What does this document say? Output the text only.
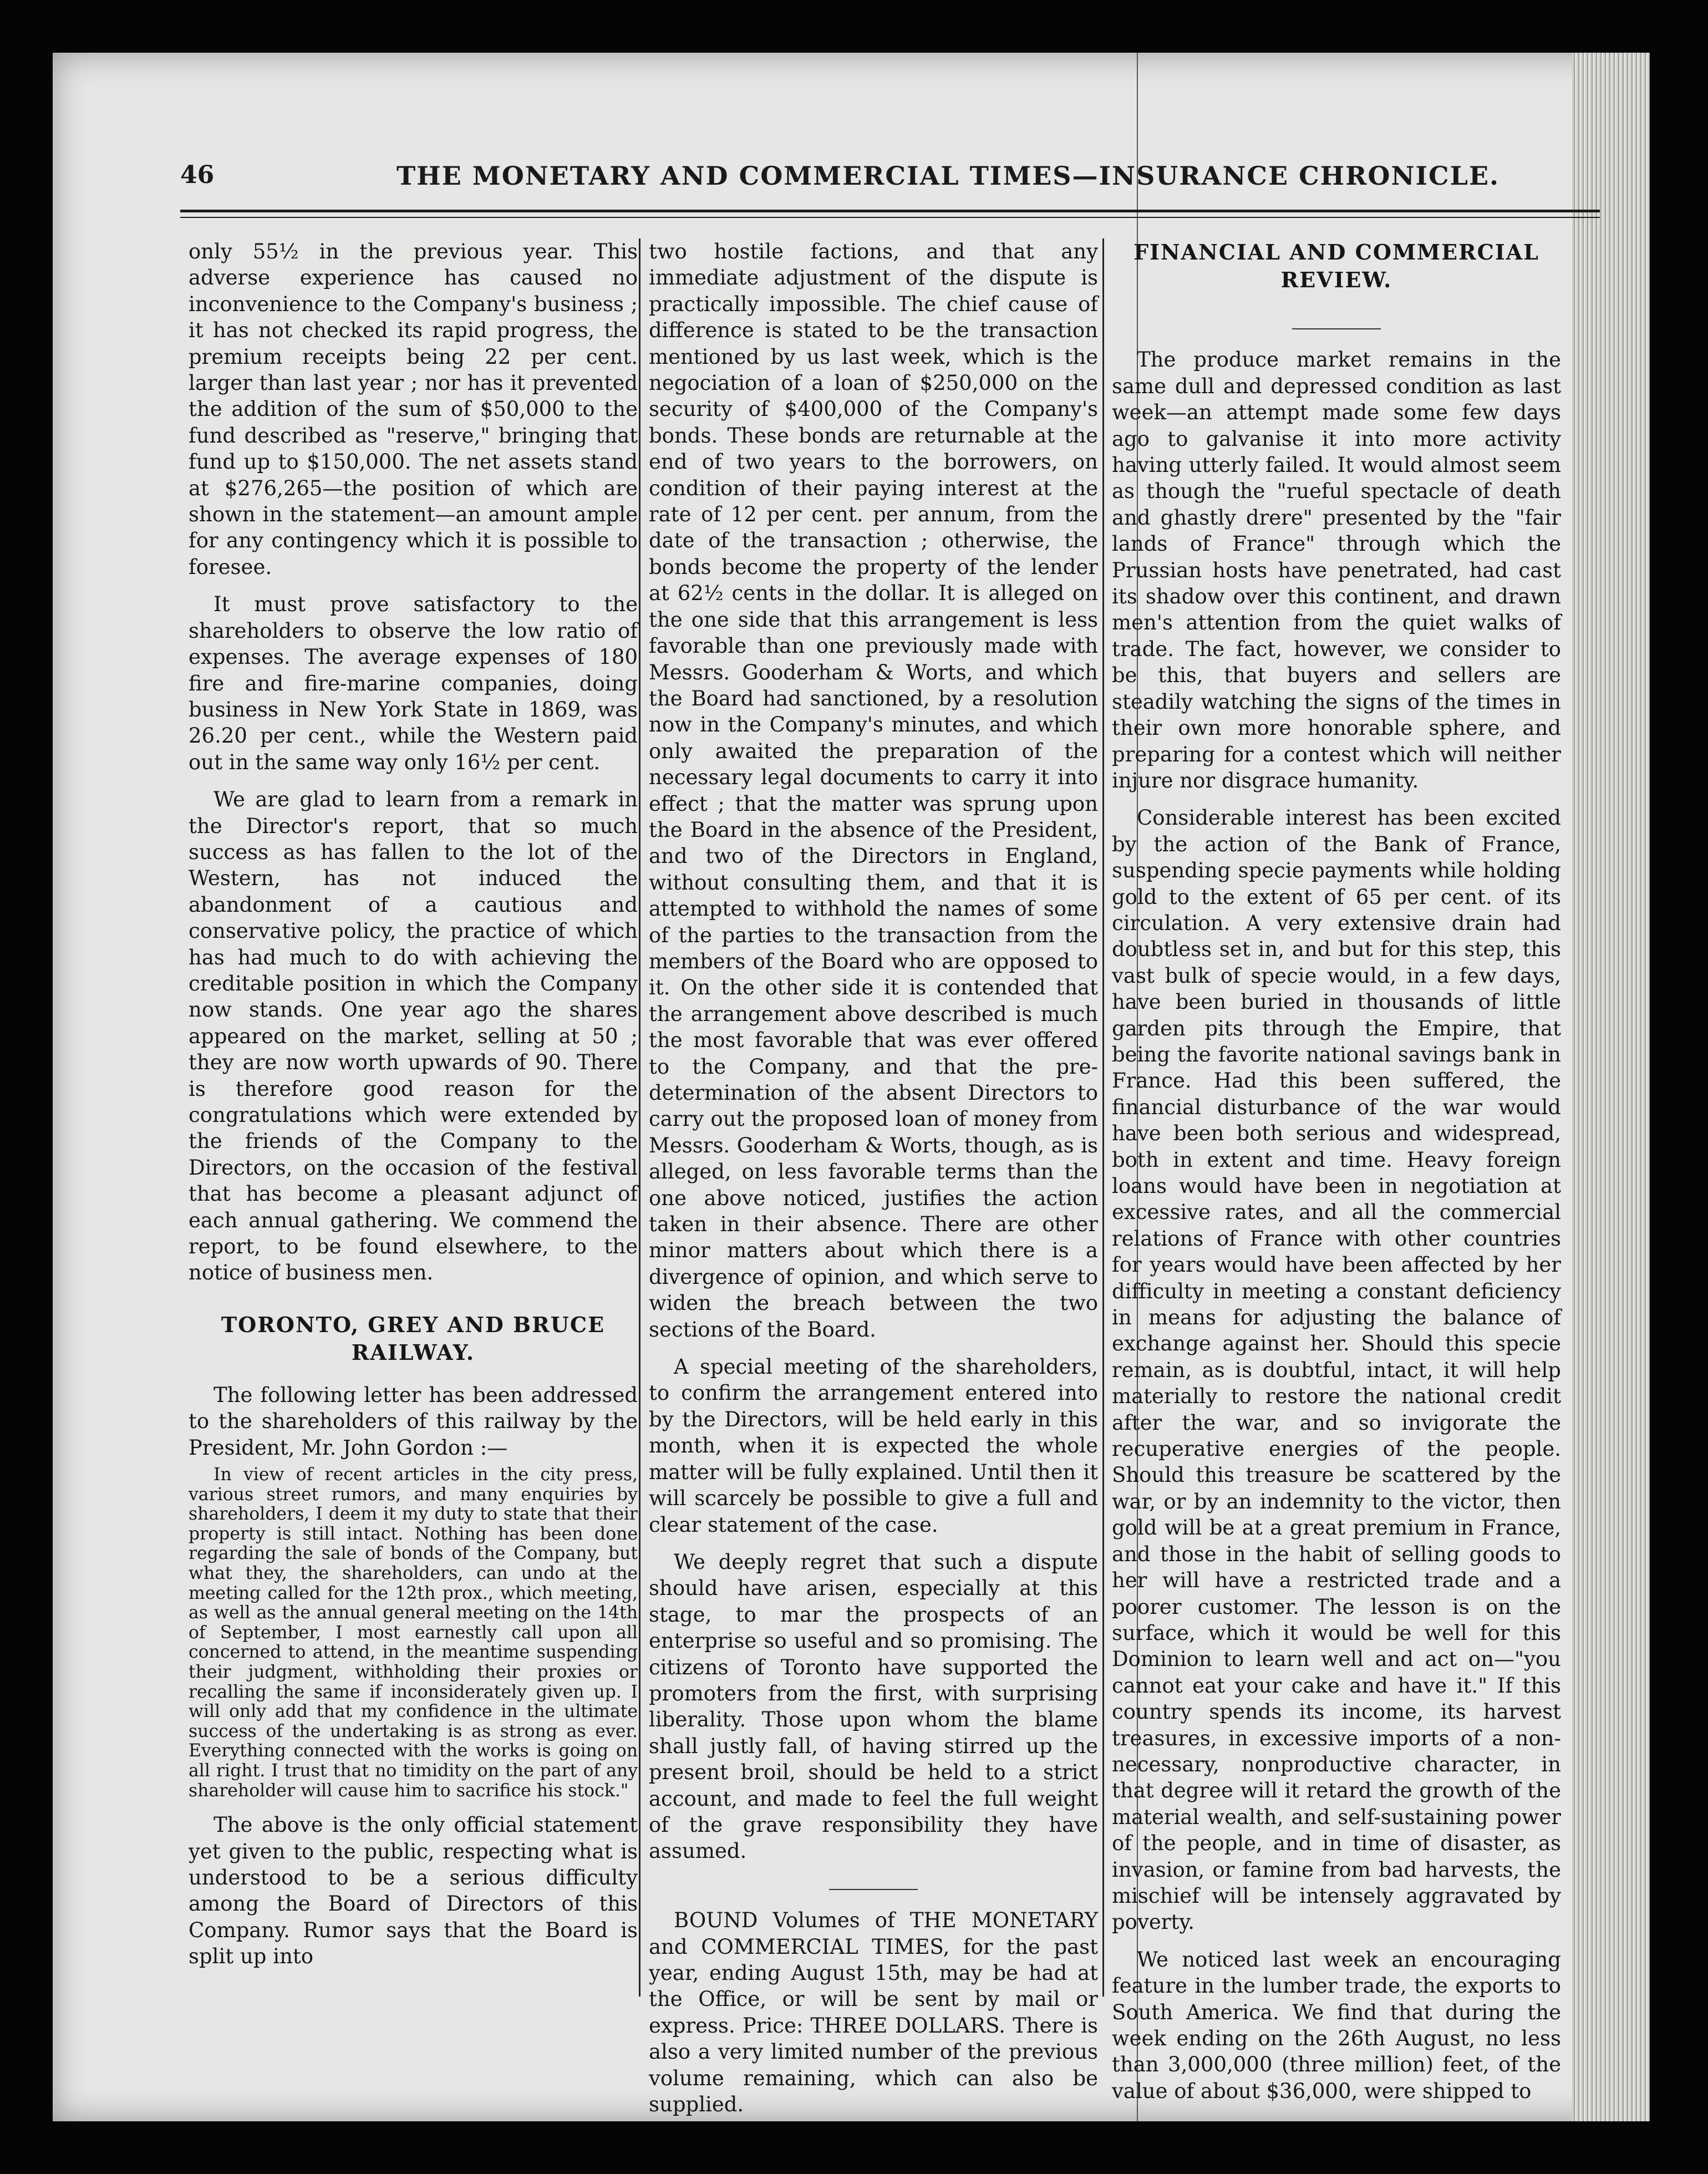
46	THE MONETARY AND COMMERCIAL TIMES—INSURANCE CHRONICLE.

only 55½ in the previous year. This adverse experience has caused no inconvenience to the Company's business ; it has not checked its rapid progress, the premium receipts being 22 per cent. larger than last year ; nor has it prevented the addition of the sum of $50,000 to the fund described as "reserve," bringing that fund up to $150,000. The net assets stand at $276,265—the position of which are shown in the statement—an amount ample for any contingency which it is possible to foresee.

It must prove satisfactory to the shareholders to observe the low ratio of expenses. The average expenses of 180 fire and fire-marine companies, doing business in New York State in 1869, was 26.20 per cent., while the Western paid out in the same way only 16½ per cent.

We are glad to learn from a remark in the Director's report, that so much success as has fallen to the lot of the Western, has not induced the abandonment of a cautious and conservative policy, the practice of which has had much to do with achieving the creditable position in which the Company now stands. One year ago the shares appeared on the market, selling at 50 ; they are now worth upwards of 90. There is therefore good reason for the congratulations which were extended by the friends of the Company to the Directors, on the occasion of the festival that has become a pleasant adjunct of each annual gathering. We commend the report, to be found elsewhere, to the notice of business men.

TORONTO, GREY AND BRUCE RAILWAY.

The following letter has been addressed to the shareholders of this railway by the President, Mr. John Gordon :—

In view of recent articles in the city press, various street rumors, and many enquiries by shareholders, I deem it my duty to state that their property is still intact. Nothing has been done regarding the sale of bonds of the Company, but what they, the shareholders, can undo at the meeting called for the 12th prox., which meeting, as well as the annual general meeting on the 14th of September, I most earnestly call upon all concerned to attend, in the meantime suspending their judgment, withholding their proxies or recalling the same if inconsiderately given up. I will only add that my confidence in the ultimate success of the undertaking is as strong as ever. Everything connected with the works is going on all right. I trust that no timidity on the part of any shareholder will cause him to sacrifice his stock."

The above is the only official statement yet given to the public, respecting what is understood to be a serious difficulty among the Board of Directors of this Company. Rumor says that the Board is split up into

two hostile factions, and that any immediate adjustment of the dispute is practically impossible. The chief cause of difference is stated to be the transaction mentioned by us last week, which is the negociation of a loan of $250,000 on the security of $400,000 of the Company's bonds. These bonds are returnable at the end of two years to the borrowers, on condition of their paying interest at the rate of 12 per cent. per annum, from the date of the transaction ; otherwise, the bonds become the property of the lender at 62½ cents in the dollar. It is alleged on the one side that this arrangement is less favorable than one previously made with Messrs. Gooderham & Worts, and which the Board had sanctioned, by a resolution now in the Company's minutes, and which only awaited the preparation of the necessary legal documents to carry it into effect ; that the matter was sprung upon the Board in the absence of the President, and two of the Directors in England, without consulting them, and that it is attempted to withhold the names of some of the parties to the transaction from the members of the Board who are opposed to it. On the other side it is contended that the arrangement above described is much the most favorable that was ever offered to the Company, and that the pre-determination of the absent Directors to carry out the proposed loan of money from Messrs. Gooderham & Worts, though, as is alleged, on less favorable terms than the one above noticed, justifies the action taken in their absence. There are other minor matters about which there is a divergence of opinion, and which serve to widen the breach between the two sections of the Board.

A special meeting of the shareholders, to confirm the arrangement entered into by the Directors, will be held early in this month, when it is expected the whole matter will be fully explained. Until then it will scarcely be possible to give a full and clear statement of the case.

We deeply regret that such a dispute should have arisen, especially at this stage, to mar the prospects of an enterprise so useful and so promising. The citizens of Toronto have supported the promoters from the first, with surprising liberality. Those upon whom the blame shall justly fall, of having stirred up the present broil, should be held to a strict account, and made to feel the full weight of the grave responsibility they have assumed.

BOUND Volumes of THE MONETARY and COMMERCIAL TIMES, for the past year, ending August 15th, may be had at the Office, or will be sent by mail or express. Price: THREE DOLLARS. There is also a very limited number of the previous volume remaining, which can also be supplied.

FINANCIAL AND COMMERCIAL REVIEW.

The produce market remains in the same dull and depressed condition as last week—an attempt made some few days ago to galvanise it into more activity having utterly failed. It would almost seem as though the "rueful spectacle of death and ghastly drere" presented by the "fair lands of France" through which the Prussian hosts have penetrated, had cast its shadow over this continent, and drawn men's attention from the quiet walks of trade. The fact, however, we consider to be this, that buyers and sellers are steadily watching the signs of the times in their own more honorable sphere, and preparing for a contest which will neither injure nor disgrace humanity.

Considerable interest has been excited by the action of the Bank of France, suspending specie payments while holding gold to the extent of 65 per cent. of its circulation. A very extensive drain had doubtless set in, and but for this step, this vast bulk of specie would, in a few days, have been buried in thousands of little garden pits through the Empire, that being the favorite national savings bank in France. Had this been suffered, the financial disturbance of the war would have been both serious and widespread, both in extent and time. Heavy foreign loans would have been in negotiation at excessive rates, and all the commercial relations of France with other countries for years would have been affected by her difficulty in meeting a constant deficiency in means for adjusting the balance of exchange against her. Should this specie remain, as is doubtful, intact, it will help materially to restore the national credit after the war, and so invigorate the recuperative energies of the people. Should this treasure be scattered by the war, or by an indemnity to the victor, then gold will be at a great premium in France, and those in the habit of selling goods to her will have a restricted trade and a poorer customer. The lesson is on the surface, which it would be well for this Dominion to learn well and act on—"you cannot eat your cake and have it." If this country spends its income, its harvest treasures, in excessive imports of a non-necessary, nonproductive character, in that degree will it retard the growth of the material wealth, and self-sustaining power of the people, and in time of disaster, as invasion, or famine from bad harvests, the mischief will be intensely aggravated by poverty.

We noticed last week an encouraging feature in the lumber trade, the exports to South America. We find that during the week ending on the 26th August, no less than 3,000,000 (three million) feet, of the value of about $36,000, were shipped to
